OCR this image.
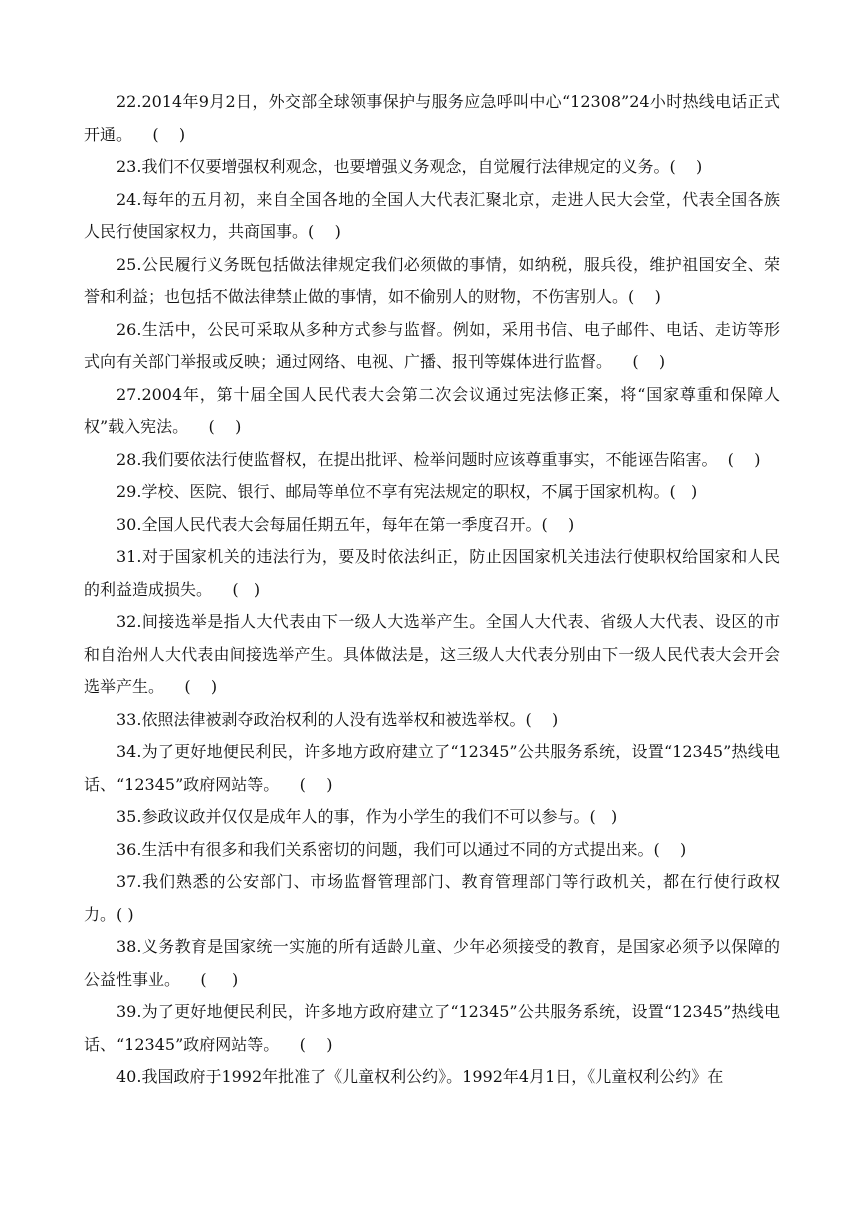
22.2014年9月2日，外交部全球领事保护与服务应急呼叫中心“12308”24小时热线电话正式开通。    (    )

23.我们不仅要增强权利观念，也要增强义务观念，自觉履行法律规定的义务。(    )

24.每年的五月初，来自全国各地的全国人大代表汇聚北京，走进人民大会堂，代表全国各族人民行使国家权力，共商国事。(    )

25.公民履行义务既包括做法律规定我们必须做的事情，如纳税，服兵役，维护祖国安全、荣誉和利益；也包括不做法律禁止做的事情，如不偷别人的财物，不伤害别人。(    )

26.生活中，公民可采取从多种方式参与监督。例如，采用书信、电子邮件、电话、走访等形式向有关部门举报或反映；通过网络、电视、广播、报刊等媒体进行监督。    (    )

27.2004年，第十届全国人民代表大会第二次会议通过宪法修正案，将“国家尊重和保障人权”载入宪法。    (    )

28.我们要依法行使监督权，在提出批评、检举问题时应该尊重事实，不能诬告陷害。  (    )

29.学校、医院、银行、邮局等单位不享有宪法规定的职权，不属于国家机构。(   )

30.全国人民代表大会每届任期五年，每年在第一季度召开。(    )

31.对于国家机关的违法行为，要及时依法纠正，防止因国家机关违法行使职权给国家和人民的利益造成损失。    (   )

32.间接选举是指人大代表由下一级人大选举产生。全国人大代表、省级人大代表、设区的市和自治州人大代表由间接选举产生。具体做法是，这三级人大代表分别由下一级人民代表大会开会选举产生。    (    )

33.依照法律被剥夺政治权利的人没有选举权和被选举权。(    )

34.为了更好地便民利民，许多地方政府建立了“12345”公共服务系统，设置“12345”热线电话、“12345”政府网站等。    (    )

35.参政议政并仅仅是成年人的事，作为小学生的我们不可以参与。(   )

36.生活中有很多和我们关系密切的问题，我们可以通过不同的方式提出来。(    )

37.我们熟悉的公安部门、市场监督管理部门、教育管理部门等行政机关，都在行使行政权力。( )

38.义务教育是国家统一实施的所有适龄儿童、少年必须接受的教育，是国家必须予以保障的公益性事业。    (     )

39.为了更好地便民利民，许多地方政府建立了“12345”公共服务系统，设置“12345”热线电话、“12345”政府网站等。    (    )

40.我国政府于1992年批准了《儿童权利公约》。1992年4月1日，《儿童权利公约》在
